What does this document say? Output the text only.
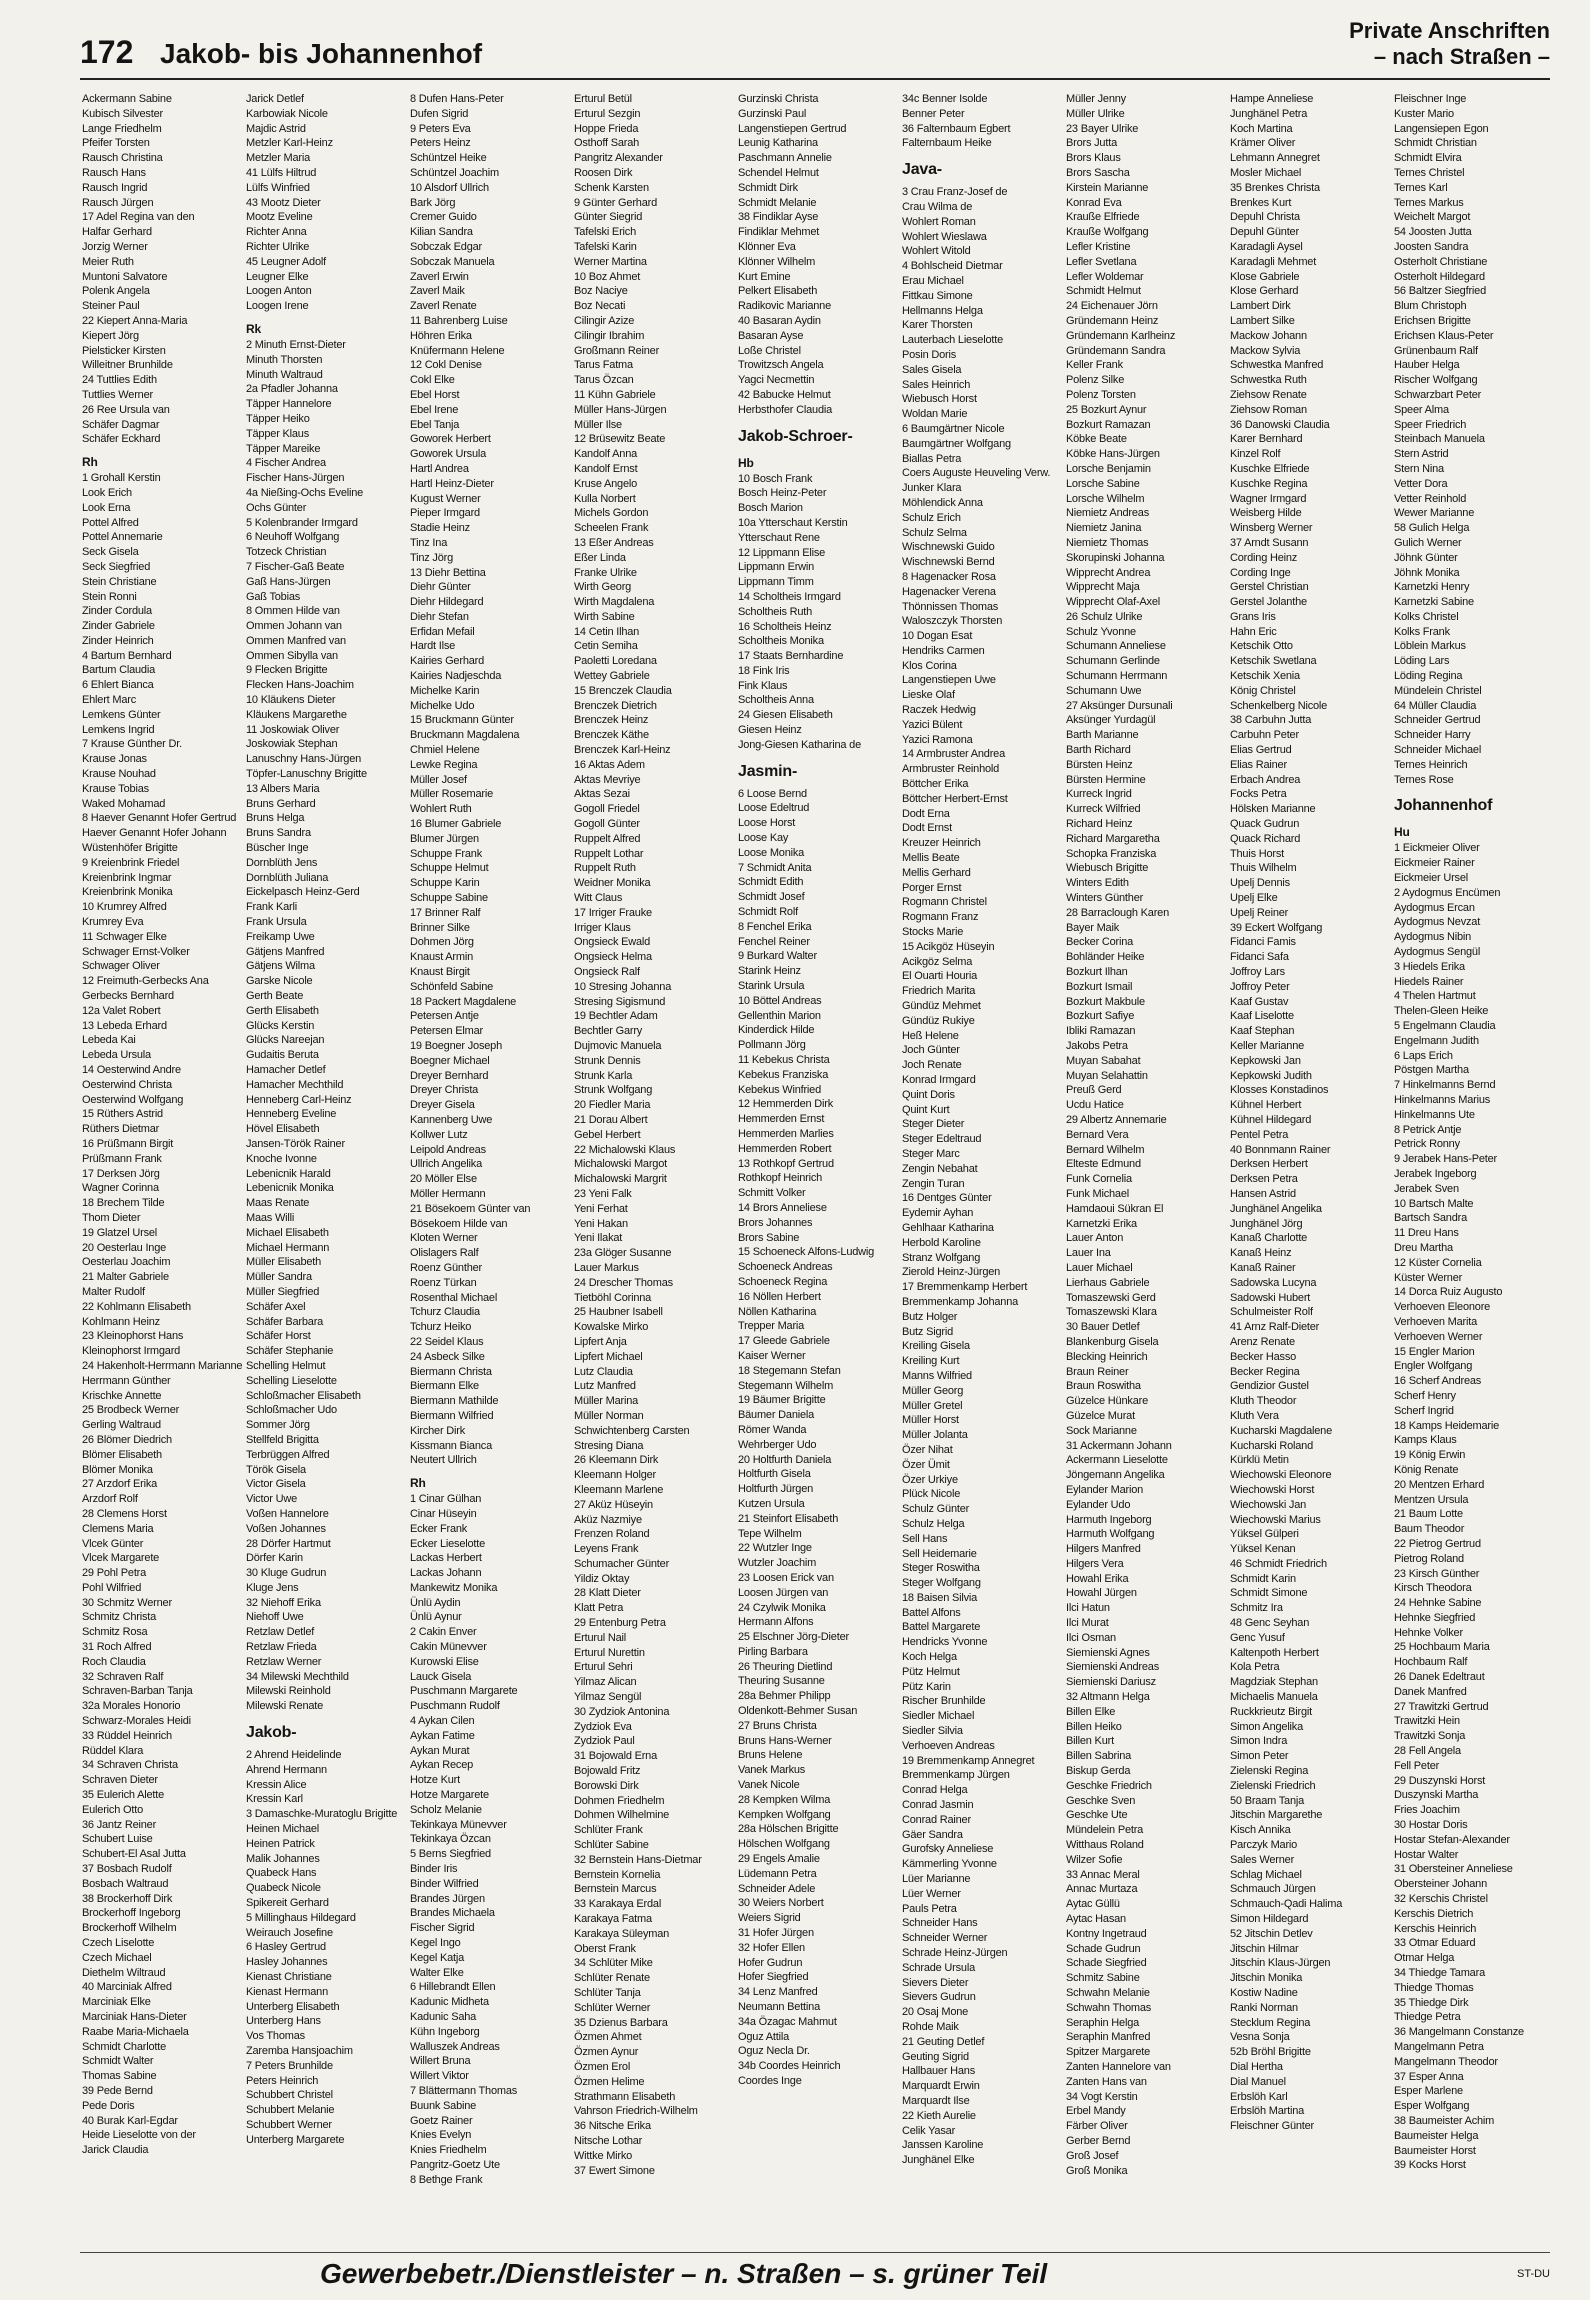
172 Jakob- bis Johannenhof
Private Anschriften
– nach Straßen –
Ackermann Sabine
Kubisch Silvester
Lange Friedhelm
Pfeifer Torsten
Rausch Christina
Rausch Hans
Rausch Ingrid
Rausch Jürgen
17 Adel Regina van den
Halfar Gerhard
Jorzig Werner
Meier Ruth
Muntoni Salvatore
Polenk Angela
Steiner Paul
22 Kiepert Anna-Maria
Kiepert Jörg
Pielsticker Kirsten
Willeitner Brunhilde
24 Tuttlies Edith
Tuttlies Werner
26 Ree Ursula van
Schäfer Dagmar
Schäfer Eckhard
Rh
1 Grohall Kerstin
Look Erich
Look Erna
Pottel Alfred
Pottel Annemarie
Seck Gisela
Seck Siegfried
Stein Christiane
Stein Ronni
Zinder Cordula
Zinder Gabriele
Zinder Heinrich
4 Bartum Bernhard
Bartum Claudia
6 Ehlert Bianca
Ehlert Marc
Lemkens Günter
Lemkens Ingrid
7 Krause Günther Dr.
Krause Jonas
Krause Nouhad
Krause Tobias
Waked Mohamad
8 Haever Genannt Hofer Gertrud
Haever Genannt Hofer Johann
Wüstenhöfer Brigitte
9 Kreienbrink Friedel
Kreienbrink Ingmar
Kreienbrink Monika
10 Krumrey Alfred
Krumrey Eva
11 Schwager Elke
Schwager Ernst-Volker
Schwager Oliver
12 Freimuth-Gerbecks Ana
Gerbecks Bernhard
12a Valet Robert
13 Lebeda Erhard
Lebeda Kai
Lebeda Ursula
14 Oesterwind Andre
Oesterwind Christa
Oesterwind Wolfgang
15 Rüthers Astrid
Rüthers Dietmar
16 Prüßmann Birgit
Prüßmann Frank
17 Derksen Jörg
Wagner Corinna
18 Brechem Tilde
Thom Dieter
19 Glatzel Ursel
20 Oesterlau Inge
Oesterlau Joachim
21 Malter Gabriele
Malter Rudolf
22 Kohlmann Elisabeth
Kohlmann Heinz
23 Kleinophorst Hans
Kleinophorst Irmgard
24 Hakenholt-Herrmann Marianne
Herrmann Günther
Krischke Annette
25 Brodbeck Werner
Gerling Waltraud
26 Blömer Diedrich
Blömer Elisabeth
Blömer Monika
27 Arzdorf Erika
Arzdorf Rolf
28 Clemens Horst
Clemens Maria
Vlcek Günter
Vlcek Margarete
29 Pohl Petra
Pohl Wilfried
30 Schmitz Werner
Schmitz Christa
Schmitz Rosa
31 Roch Alfred
Roch Claudia
32 Schraven Ralf
Schraven-Barban Tanja
32a Morales Honorio
Schwarz-Morales Heidi
33 Rüddel Heinrich
Rüddel Klara
34 Schraven Christa
Schraven Dieter
35 Eulerich Alette
Eulerich Otto
36 Jantz Reiner
Schubert Luise
Schubert-El Asal Jutta
37 Bosbach Rudolf
Bosbach Waltraud
38 Brockerhoff Dirk
Brockerhoff Ingeborg
Brockerhoff Wilhelm
Czech Liselotte
Czech Michael
Diethelm Wiltraud
40 Marciniak Alfred
Marciniak Elke
Marciniak Hans-Dieter
Raabe Maria-Michaela
Schmidt Charlotte
Schmidt Walter
Thomas Sabine
39 Pede Bernd
Pede Doris
40 Burak Karl-Egdar
Heide Lieselotte von der
Jarick Claudia
Jarick Detlef
Karbowiak Nicole
Majdic Astrid
Metzler Karl-Heinz
Metzler Maria
41 Lülfs Hiltrud
Lülfs Winfried
43 Mootz Dieter
Mootz Eveline
Richter Anna
Richter Ulrike
45 Leugner Adolf
Leugner Elke
Loogen Anton
Loogen Irene
Rk
2 Minuth Ernst-Dieter
Minuth Thorsten
Minuth Waltraud
2a Pfadler Johanna
Täpper Hannelore
Täpper Heiko
Täpper Klaus
Täpper Mareike
4 Fischer Andrea
Fischer Hans-Jürgen
4a Nießing-Ochs Eveline
Ochs Günter
5 Kolenbrander Irmgard
6 Neuhoff Wolfgang
Totzeck Christian
7 Fischer-Gaß Beate
Gaß Hans-Jürgen
Gaß Tobias
8 Ommen Hilde van
Ommen Johann van
Ommen Manfred van
Ommen Sibylla van
9 Flecken Brigitte
Flecken Hans-Joachim
10 Kläukens Dieter
Kläukens Margarethe
11 Joskowiak Oliver
Joskowiak Stephan
Lanuschny Hans-Jürgen
Töpfer-Lanuschny Brigitte
13 Albers Maria
Bruns Gerhard
Bruns Helga
Bruns Sandra
Büscher Inge
Dornblüth Jens
Dornblüth Juliana
Eickelpasch Heinz-Gerd
Frank Karli
Frank Ursula
Freikamp Uwe
Gätjens Manfred
Gätjens Wilma
Garske Nicole
Gerth Beate
Gerth Elisabeth
Glücks Kerstin
Glücks Nareejan
Gudaitis Beruta
Hamacher Detlef
Hamacher Mechthild
Henneberg Carl-Heinz
Henneberg Eveline
Hövel Elisabeth
Jansen-Török Rainer
Knoche Ivonne
Lebenicnik Harald
Lebenicnik Monika
Maas Renate
Maas Willi
Michael Elisabeth
Michael Hermann
Müller Elisabeth
Müller Sandra
Müller Siegfried
Schäfer Axel
Schäfer Barbara
Schäfer Horst
Schäfer Stephanie
Schelling Helmut
Schelling Lieselotte
Schloßmacher Elisabeth
Schloßmacher Udo
Sommer Jörg
Stellfeld Brigitta
Terbrüggen Alfred
Török Gisela
Victor Gisela
Victor Uwe
Voßen Hannelore
Voßen Johannes
28 Dörfer Hartmut
Dörfer Karin
30 Kluge Gudrun
Kluge Jens
32 Niehoff Erika
Niehoff Uwe
Retzlaw Detlef
Retzlaw Frieda
Retzlaw Werner
34 Milewski Mechthild
Milewski Reinhold
Milewski Renate
Jakob-
2 Ahrend Heidelinde
Ahrend Hermann
Kressin Alice
Kressin Karl
3 Damaschke-Muratoglu Brigitte
Heinen Michael
Heinen Patrick
Malik Johannes
Quabeck Hans
Quabeck Nicole
Spikereit Gerhard
5 Millinghaus Hildegard
Weirauch Josefine
6 Hasley Gertrud
Hasley Johannes
Kienast Christiane
Kienast Hermann
Unterberg Elisabeth
Unterberg Hans
Vos Thomas
Zaremba Hansjoachim
7 Peters Brunhilde
Peters Heinrich
Schubbert Christel
Schubbert Melanie
Schubbert Werner
Unterberg Margarete
8 Dufen Hans-Peter
Dufen Sigrid
9 Peters Eva
Peters Heinz
Schüntzel Heike
Schüntzel Joachim
10 Alsdorf Ullrich
Bark Jörg
Cremer Guido
Kilian Sandra
Sobczak Edgar
Sobczak Manuela
Zaverl Erwin
Zaverl Maik
Zaverl Renate
11 Bahrenberg Luise
Höhren Erika
Knüfermann Helene
12 Cokl Denise
Cokl Elke
Ebel Horst
Ebel Irene
Ebel Tanja
Goworek Herbert
Goworek Ursula
Hartl Andrea
Hartl Heinz-Dieter
Kugust Werner
Pieper Irmgard
Stadie Heinz
Tinz Ina
Tinz Jörg
13 Diehr Bettina
Diehr Günter
Diehr Hildegard
Diehr Stefan
Erfidan Mefail
Hardt Ilse
Kairies Gerhard
Kairies Nadjeschda
Michelke Karin
Michelke Udo
15 Bruckmann Günter
Bruckmann Magdalena
Chmiel Helene
Lewke Regina
Müller Josef
Müller Rosemarie
Wohlert Ruth
16 Blumer Gabriele
Blumer Jürgen
Schuppe Frank
Schuppe Helmut
Schuppe Karin
Schuppe Sabine
17 Brinner Ralf
Brinner Silke
Dohmen Jörg
Knaust Armin
Knaust Birgit
Schönfeld Sabine
18 Packert Magdalene
Petersen Antje
Petersen Elmar
19 Boegner Joseph
Boegner Michael
Dreyer Bernhard
Dreyer Christa
Dreyer Gisela
Kannenberg Uwe
Kollwer Lutz
Leipold Andreas
Ullrich Angelika
20 Möller Else
Möller Hermann
21 Bösekoem Günter van
Bösekoem Hilde van
Kloten Werner
Olislagers Ralf
Roenz Günther
Roenz Türkan
Rosenthal Michael
Tchurz Claudia
Tchurz Heiko
22 Seidel Klaus
24 Asbeck Silke
Biermann Christa
Biermann Elke
Biermann Mathilde
Biermann Wilfried
Kircher Dirk
Kissmann Bianca
Neutert Ullrich
Rh
1 Cinar Gülhan
Cinar Hüseyin
Ecker Frank
Ecker Lieselotte
Lackas Herbert
Lackas Johann
Mankewitz Monika
Ünlü Aydin
Ünlü Aynur
2 Cakin Enver
Cakin Münevver
Kurowski Elise
Lauck Gisela
Puschmann Margarete
Puschmann Rudolf
4 Aykan Cilen
Aykan Fatime
Aykan Murat
Aykan Recep
Hotze Kurt
Hotze Margarete
Scholz Melanie
Tekinkaya Münevver
Tekinkaya Özcan
5 Berns Siegfried
Binder Iris
Binder Wilfried
Brandes Jürgen
Brandes Michaela
Fischer Sigrid
Kegel Ingo
Kegel Katja
Walter Elke
6 Hillebrandt Ellen
Kadunic Midheta
Kadunic Saha
Kühn Ingeborg
Walluszek Andreas
Willert Bruna
Willert Viktor
7 Blättermann Thomas
Buunk Sabine
Goetz Rainer
Knies Evelyn
Knies Friedhelm
Pangritz-Goetz Ute
8 Bethge Frank
Erturul Betül
Erturul Sezgin
Hoppe Frieda
Osthoff Sarah
Pangritz Alexander
Roosen Dirk
Schenk Karsten
9 Günter Gerhard
Günter Siegrid
Tafelski Erich
Tafelski Karin
Werner Martina
10 Boz Ahmet
Boz Naciye
Boz Necati
Cilingir Azize
Cilingir Ibrahim
Großmann Reiner
Tarus Fatma
Tarus Özcan
11 Kühn Gabriele
Müller Hans-Jürgen
Müller Ilse
12 Brüsewitz Beate
Kandolf Anna
Kandolf Ernst
Kruse Angelo
Kulla Norbert
Michels Gordon
Scheelen Frank
13 Eßer Andreas
Eßer Linda
Franke Ulrike
Wirth Georg
Wirth Magdalena
Wirth Sabine
14 Cetin Ilhan
Cetin Semiha
Paoletti Loredana
Wettey Gabriele
15 Brenczek Claudia
Brenczek Dietrich
Brenczek Heinz
Brenczek Käthe
Brenczek Karl-Heinz
16 Aktas Adem
Aktas Mevriye
Aktas Sezai
Gogoll Friedel
Gogoll Günter
Ruppelt Alfred
Ruppelt Lothar
Ruppelt Ruth
Weidner Monika
Witt Claus
17 Irriger Frauke
Irriger Klaus
Ongsieck Ewald
Ongsieck Helma
Ongsieck Ralf
10 Stresing Johanna
Stresing Sigismund
19 Bechtler Adam
Bechtler Garry
Dujmovic Manuela
Strunk Dennis
Strunk Karla
Strunk Wolfgang
20 Fiedler Maria
21 Dorau Albert
Gebel Herbert
22 Michalowski Klaus
Michalowski Margot
Michalowski Margrit
23 Yeni Falk
Yeni Ferhat
Yeni Hakan
Yeni Ilakat
23a Glöger Susanne
Lauer Markus
24 Drescher Thomas
Tietböhl Corinna
25 Haubner Isabell
Kowalske Mirko
Lipfert Anja
Lipfert Michael
Lutz Claudia
Lutz Manfred
Müller Marina
Müller Norman
Schwichtenberg Carsten
Stresing Diana
26 Kleemann Dirk
Kleemann Holger
Kleemann Marlene
27 Aküz Hüseyin
Aküz Nazmiye
Frenzen Roland
Leyens Frank
Schumacher Günter
Yildiz Oktay
28 Klatt Dieter
Klatt Petra
29 Entenburg Petra
Erturul Nail
Erturul Nurettin
Erturul Sehri
Yilmaz Alican
Yilmaz Sengül
30 Zydziok Antonina
Zydziok Eva
Zydziok Paul
31 Bojowald Erna
Bojowald Fritz
Borowski Dirk
Dohmen Friedhelm
Dohmen Wilhelmine
Schlüter Frank
Schlüter Sabine
32 Bernstein Hans-Dietmar
Bernstein Kornelia
Bernstein Marcus
33 Karakaya Erdal
Karakaya Fatma
Karakaya Süleyman
Oberst Frank
34 Schlüter Mike
Schlüter Renate
Schlüter Tanja
Schlüter Werner
35 Dzienus Barbara
Özmen Ahmet
Özmen Aynur
Özmen Erol
Özmen Helime
Strathmann Elisabeth
Vahrson Friedrich-Wilhelm
36 Nitsche Erika
Nitsche Lothar
Wittke Mirko
37 Ewert Simone
Gurzinski Christa
Gurzinski Paul
Langenstiepen Gertrud
Leunig Katharina
Paschmann Annelie
Schendel Helmut
Schmidt Dirk
Schmidt Melanie
38 Findiklar Ayse
Findiklar Mehmet
Klönner Eva
Klönner Wilhelm
Kurt Emine
Pelkert Elisabeth
Radikovic Marianne
40 Basaran Aydin
Basaran Ayse
Loße Christel
Trowitzsch Angela
Yagci Necmettin
42 Babucke Helmut
Herbsthofer Claudia
Jakob-Schroer-
Hb
10 Bosch Frank
Bosch Heinz-Peter
Bosch Marion
10a Ytterschaut Kerstin
Ytterschaut Rene
12 Lippmann Elise
Lippmann Erwin
Lippmann Timm
14 Scholtheis Irmgard
Scholtheis Ruth
16 Scholtheis Heinz
Scholtheis Monika
17 Staats Bernhardine
18 Fink Iris
Fink Klaus
Scholtheis Anna
24 Giesen Elisabeth
Giesen Heinz
Jong-Giesen Katharina de
Jasmin-
6 Loose Bernd
Loose Edeltrud
Loose Horst
Loose Kay
Loose Monika
7 Schmidt Anita
Schmidt Edith
Schmidt Josef
Schmidt Rolf
8 Fenchel Erika
Fenchel Reiner
9 Burkard Walter
Starink Heinz
Starink Ursula
10 Böttel Andreas
Gellenthin Marion
Kinderdick Hilde
Pollmann Jörg
11 Kebekus Christa
Kebekus Franziska
Kebekus Winfried
12 Hemmerden Dirk
Hemmerden Ernst
Hemmerden Marlies
Hemmerden Robert
13 Rothkopf Gertrud
Rothkopf Heinrich
Schmitt Volker
14 Brors Anneliese
Brors Johannes
Brors Sabine
15 Schoeneck Alfons-Ludwig
Schoeneck Andreas
Schoeneck Regina
16 Nöllen Herbert
Nöllen Katharina
Trepper Maria
17 Gleede Gabriele
Kaiser Werner
18 Stegemann Stefan
Stegemann Wilhelm
19 Bäumer Brigitte
Bäumer Daniela
Römer Wanda
Wehrberger Udo
20 Holtfurth Daniela
Holtfurth Gisela
Holtfurth Jürgen
Kutzen Ursula
21 Steinfort Elisabeth
Tepe Wilhelm
22 Wutzler Inge
Wutzler Joachim
23 Loosen Erick van
Loosen Jürgen van
24 Czylwik Monika
Hermann Alfons
25 Elschner Jörg-Dieter
Pirling Barbara
26 Theuring Dietlind
Theuring Susanne
28a Behmer Philipp
Oldenkott-Behmer Susan
27 Bruns Christa
Bruns Hans-Werner
Bruns Helene
Vanek Markus
Vanek Nicole
28 Kempken Wilma
Kempken Wolfgang
28a Hölschen Brigitte
Hölschen Wolfgang
29 Engels Amalie
Lüdemann Petra
Schneider Adele
30 Weiers Norbert
Weiers Sigrid
31 Hofer Jürgen
32 Hofer Ellen
Hofer Gudrun
Hofer Siegfried
34 Lenz Manfred
Neumann Bettina
34a Özagac Mahmut
Oguz Attila
Oguz Necla Dr.
34b Coordes Heinrich
Coordes Inge
34c Benner Isolde
Benner Peter
36 Falternbaum Egbert
Falternbaum Heike
Java-
3 Crau Franz-Josef de
Crau Wilma de
Wohlert Roman
Wohlert Wieslawa
Wohlert Witold
4 Bohlscheid Dietmar
Erau Michael
Fittkau Simone
Hellmanns Helga
Karer Thorsten
Lauterbach Lieselotte
Posin Doris
Sales Gisela
Sales Heinrich
Wiebusch Horst
Woldan Marie
6 Baumgärtner Nicole
Baumgärtner Wolfgang
Biallas Petra
Coers Auguste Heuveling Verw.
Junker Klara
Möhlendick Anna
Schulz Erich
Schulz Selma
Wischnewski Guido
Wischnewski Bernd
8 Hagenacker Rosa
Hagenacker Verena
Thönnissen Thomas
Waloszczyk Thorsten
10 Dogan Esat
Hendriks Carmen
Klos Corina
Langenstiepen Uwe
Lieske Olaf
Raczek Hedwig
Yazici Bülent
Yazici Ramona
14 Armbruster Andrea
Armbruster Reinhold
Böttcher Erika
Böttcher Herbert-Ernst
Dodt Erna
Dodt Ernst
Kreuzer Heinrich
Mellis Beate
Mellis Gerhard
Porger Ernst
Rogmann Christel
Rogmann Franz
Stocks Marie
15 Acikgöz Hüseyin
Acikgöz Selma
El Ouarti Houria
Friedrich Marita
Gündüz Mehmet
Gündüz Rukiye
Heß Helene
Joch Günter
Joch Renate
Konrad Irmgard
Quint Doris
Quint Kurt
Steger Dieter
Steger Edeltraud
Steger Marc
Zengin Nebahat
Zengin Turan
16 Dentges Günter
Eydemir Ayhan
Gehlhaar Katharina
Herbold Karoline
Stranz Wolfgang
Zierold Heinz-Jürgen
17 Bremmenkamp Herbert
Bremmenkamp Johanna
Butz Holger
Butz Sigrid
Kreiling Gisela
Kreiling Kurt
Manns Wilfried
Müller Georg
Müller Gretel
Müller Horst
Müller Jolanta
Özer Nihat
Özer Ümit
Özer Urkiye
Plück Nicole
Schulz Günter
Schulz Helga
Sell Hans
Sell Heidemarie
Steger Roswitha
Steger Wolfgang
18 Baisen Silvia
Battel Alfons
Battel Margarete
Hendricks Yvonne
Koch Helga
Pütz Helmut
Pütz Karin
Rischer Brunhilde
Siedler Michael
Siedler Silvia
Verhoeven Andreas
19 Bremmenkamp Annegret
Bremmenkamp Jürgen
Conrad Helga
Conrad Jasmin
Conrad Rainer
Gäer Sandra
Gurofsky Anneliese
Kämmerling Yvonne
Lüer Marianne
Lüer Werner
Pauls Petra
Schneider Hans
Schneider Werner
Schrade Heinz-Jürgen
Schrade Ursula
Sievers Dieter
Sievers Gudrun
20 Osaj Mone
Rohde Maik
21 Geuting Detlef
Geuting Sigrid
Hallbauer Hans
Marquardt Erwin
Marquardt Ilse
22 Kieth Aurelie
Celik Yasar
Janssen Karoline
Junghänel Elke
Müller Jenny
Müller Ulrike
23 Bayer Ulrike
Brors Jutta
Brors Klaus
Brors Sascha
Kirstein Marianne
Konrad Eva
Krauße Elfriede
Krauße Wolfgang
Lefler Kristine
Lefler Svetlana
Lefler Woldemar
Schmidt Helmut
24 Eichenauer Jörn
Gründemann Heinz
Gründemann Karlheinz
Gründemann Sandra
Keller Frank
Polenz Silke
Polenz Torsten
25 Bozkurt Aynur
Bozkurt Ramazan
Köbke Beate
Köbke Hans-Jürgen
Lorsche Benjamin
Lorsche Sabine
Lorsche Wilhelm
Niemietz Andreas
Niemietz Janina
Niemietz Thomas
Skorupinski Johanna
Wipprecht Andrea
Wipprecht Maja
Wipprecht Olaf-Axel
26 Schulz Ulrike
Schulz Yvonne
Schumann Anneliese
Schumann Gerlinde
Schumann Herrmann
Schumann Uwe
27 Aksünger Dursunali
Aksünger Yurdagül
Barth Marianne
Barth Richard
Bürsten Heinz
Bürsten Hermine
Kurreck Ingrid
Kurreck Wilfried
Richard Heinz
Richard Margaretha
Schopka Franziska
Wiebusch Brigitte
Winters Edith
Winters Günther
28 Barraclough Karen
Bayer Maik
Becker Corina
Bohländer Heike
Bozkurt Ilhan
Bozkurt Ismail
Bozkurt Makbule
Bozkurt Safiye
Ibliki Ramazan
Jakobs Petra
Muyan Sabahat
Muyan Selahattin
Preuß Gerd
Ucdu Hatice
29 Albertz Annemarie
Bernard Vera
Bernard Wilhelm
Elteste Edmund
Funk Cornelia
Funk Michael
Hamdaoui Sükran El
Karnetzki Erika
Lauer Anton
Lauer Ina
Lauer Michael
Lierhaus Gabriele
Tomaszewski Gerd
Tomaszewski Klara
30 Bauer Detlef
Blankenburg Gisela
Blecking Heinrich
Braun Reiner
Braun Roswitha
Güzelce Hünkare
Güzelce Murat
Sock Marianne
31 Ackermann Johann
Ackermann Lieselotte
Jöngemann Angelika
Eylander Marion
Eylander Udo
Harmuth Ingeborg
Harmuth Wolfgang
Hilgers Manfred
Hilgers Vera
Howahl Erika
Howahl Jürgen
Ilci Hatun
Ilci Murat
Ilci Osman
Siemienski Agnes
Siemienski Andreas
Siemienski Dariusz
32 Altmann Helga
Billen Elke
Billen Heiko
Billen Kurt
Billen Sabrina
Biskup Gerda
Geschke Friedrich
Geschke Sven
Geschke Ute
Mündelein Petra
Witthaus Roland
Wilzer Sofie
33 Annac Meral
Annac Murtaza
Aytac Güllü
Aytac Hasan
Kontny Ingetraud
Schade Gudrun
Schade Siegfried
Schmitz Sabine
Schwahn Melanie
Schwahn Thomas
Seraphin Helga
Seraphin Manfred
Spitzer Margarete
Zanten Hannelore van
Zanten Hans van
34 Vogt Kerstin
Erbel Mandy
Färber Oliver
Gerber Bernd
Groß Josef
Groß Monika
Hampe Anneliese
Junghänel Petra
Koch Martina
Krämer Oliver
Lehmann Annegret
Mosler Michael
35 Brenkes Christa
Brenkes Kurt
Depuhl Christa
Depuhl Günter
Karadagli Aysel
Karadagli Mehmet
Klose Gabriele
Klose Gerhard
Lambert Dirk
Lambert Silke
Mackow Johann
Mackow Sylvia
Schwestka Manfred
Schwestka Ruth
Ziehsow Renate
Ziehsow Roman
36 Danowski Claudia
Karer Bernhard
Kinzel Rolf
Kuschke Elfriede
Kuschke Regina
Wagner Irmgard
Weisberg Hilde
Winsberg Werner
37 Arndt Susann
Cording Heinz
Cording Inge
Gerstel Christian
Gerstel Jolanthe
Grans Iris
Hahn Eric
Ketschik Otto
Ketschik Swetlana
Ketschik Xenia
König Christel
Schenkelberg Nicole
38 Carbuhn Jutta
Carbuhn Peter
Elias Gertrud
Elias Rainer
Erbach Andrea
Focks Petra
Hölsken Marianne
Quack Gudrun
Quack Richard
Thuis Horst
Thuis Wilhelm
Upelj Dennis
Upelj Elke
Upelj Reiner
39 Eckert Wolfgang
Fidanci Famis
Fidanci Safa
Joffroy Lars
Joffroy Peter
Kaaf Gustav
Kaaf Liselotte
Kaaf Stephan
Keller Marianne
Kepkowski Jan
Kepkowski Judith
Klosses Konstadinos
Kühnel Herbert
Kühnel Hildegard
Pentel Petra
40 Bonnmann Rainer
Derksen Herbert
Derksen Petra
Hansen Astrid
Junghänel Angelika
Junghänel Jörg
Kanaß Charlotte
Kanaß Heinz
Kanaß Rainer
Sadowska Lucyna
Sadowski Hubert
Schulmeister Rolf
41 Arnz Ralf-Dieter
Arenz Renate
Becker Hasso
Becker Regina
Gendizior Gustel
Kluth Theodor
Kluth Vera
Kucharski Magdalene
Kucharski Roland
Kürklü Metin
Wiechowski Eleonore
Wiechowski Horst
Wiechowski Jan
Wiechowski Marius
Yüksel Gülperi
Yüksel Kenan
46 Schmidt Friedrich
Schmidt Karin
Schmidt Simone
Schmitz Ira
48 Genc Seyhan
Genc Yusuf
Kaltenpoth Herbert
Kola Petra
Magdziak Stephan
Michaelis Manuela
Ruckkrieutz Birgit
Simon Angelika
Simon Indra
Simon Peter
Zielenski Regina
Zielenski Friedrich
50 Braam Tanja
Jitschin Margarethe
Kisch Annika
Parczyk Mario
Sales Werner
Schlag Michael
Schmauch Jürgen
Schmauch-Qadi Halima
Simon Hildegard
52 Jitschin Detlev
Jitschin Hilmar
Jitschin Klaus-Jürgen
Jitschin Monika
Kostiw Nadine
Ranki Norman
Stecklum Regina
Vesna Sonja
52b Bröhl Brigitte
Dial Hertha
Dial Manuel
Erbslöh Karl
Erbslöh Martina
Fleischner Günter
Fleischner Inge
Kuster Mario
Langensiepen Egon
Schmidt Christian
Schmidt Elvira
Ternes Christel
Ternes Karl
Ternes Markus
Weichelt Margot
54 Joosten Jutta
Joosten Sandra
Osterholt Christiane
Osterholt Hildegard
56 Baltzer Siegfried
Blum Christoph
Erichsen Brigitte
Erichsen Klaus-Peter
Grünenbaum Ralf
Hauber Helga
Rischer Wolfgang
Schwarzbart Peter
Speer Alma
Speer Friedrich
Steinbach Manuela
Stern Astrid
Stern Nina
Vetter Dora
Vetter Reinhold
Wewer Marianne
58 Gulich Helga
Gulich Werner
Jöhnk Günter
Jöhnk Monika
Karnetzki Henry
Karnetzki Sabine
Kolks Christel
Kolks Frank
Löblein Markus
Löding Lars
Löding Regina
Mündelein Christel
64 Müller Claudia
Schneider Gertrud
Schneider Harry
Schneider Michael
Ternes Heinrich
Ternes Rose
Johannenhof
Hu
1 Eickmeier Oliver
Eickmeier Rainer
Eickmeier Ursel
2 Aydogmus Encümen
Aydogmus Ercan
Aydogmus Nevzat
Aydogmus Nibin
Aydogmus Sengül
3 Hiedels Erika
Hiedels Rainer
4 Thelen Hartmut
Thelen-Gleen Heike
5 Engelmann Claudia
Engelmann Judith
6 Laps Erich
Pöstgen Martha
7 Hinkelmanns Bernd
Hinkelmanns Marius
Hinkelmanns Ute
8 Petrick Antje
Petrick Ronny
9 Jerabek Hans-Peter
Jerabek Ingeborg
Jerabek Sven
10 Bartsch Malte
Bartsch Sandra
11 Dreu Hans
Dreu Martha
12 Küster Cornelia
Küster Werner
14 Dorca Ruiz Augusto
Verhoeven Eleonore
Verhoeven Marita
Verhoeven Werner
15 Engler Marion
Engler Wolfgang
16 Scherf Andreas
Scherf Henry
Scherf Ingrid
18 Kamps Heidemarie
Kamps Klaus
19 König Erwin
König Renate
20 Mentzen Erhard
Mentzen Ursula
21 Baum Lotte
Baum Theodor
22 Pietrog Gertrud
Pietrog Roland
23 Kirsch Günther
Kirsch Theodora
24 Hehnke Sabine
Hehnke Siegfried
Hehnke Volker
25 Hochbaum Maria
Hochbaum Ralf
26 Danek Edeltraut
Danek Manfred
27 Trawitzki Gertrud
Trawitzki Hein
Trawitzki Sonja
28 Fell Angela
Fell Peter
29 Duszynski Horst
Duszynski Martha
Fries Joachim
30 Hostar Doris
Hostar Stefan-Alexander
Hostar Walter
31 Obersteiner Anneliese
Obersteiner Johann
32 Kerschis Christel
Kerschis Dietrich
Kerschis Heinrich
33 Otmar Eduard
Otmar Helga
34 Thiedge Tamara
Thiedge Thomas
35 Thiedge Dirk
Thiedge Petra
36 Mangelmann Constanze
Mangelmann Petra
Mangelmann Theodor
37 Esper Anna
Esper Marlene
Esper Wolfgang
38 Baumeister Achim
Baumeister Helga
Baumeister Horst
39 Kocks Horst
Gewerbebetr./Dienstleister – n. Straßen – s. grüner Teil	ST-DU
